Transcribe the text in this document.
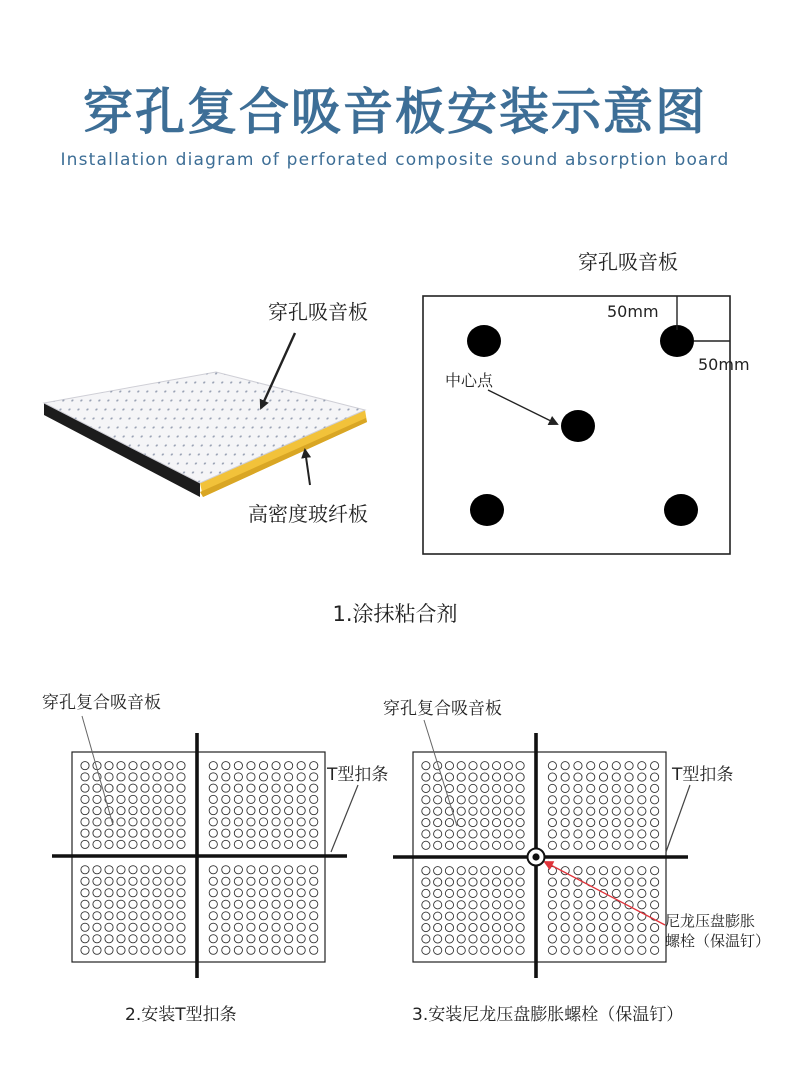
穿孔复合吸音板安装示意图
Installation diagram of perforated composite sound absorption board
穿孔吸音板
高密度玻纤板
穿孔吸音板
50mm
50mm
中心点
1.涂抹粘合剂
穿孔复合吸音板
T型扣条
2.安装T型扣条
穿孔复合吸音板
T型扣条
尼龙压盘膨胀
螺栓（保温钉）
3.安装尼龙压盘膨胀螺栓（保温钉）
